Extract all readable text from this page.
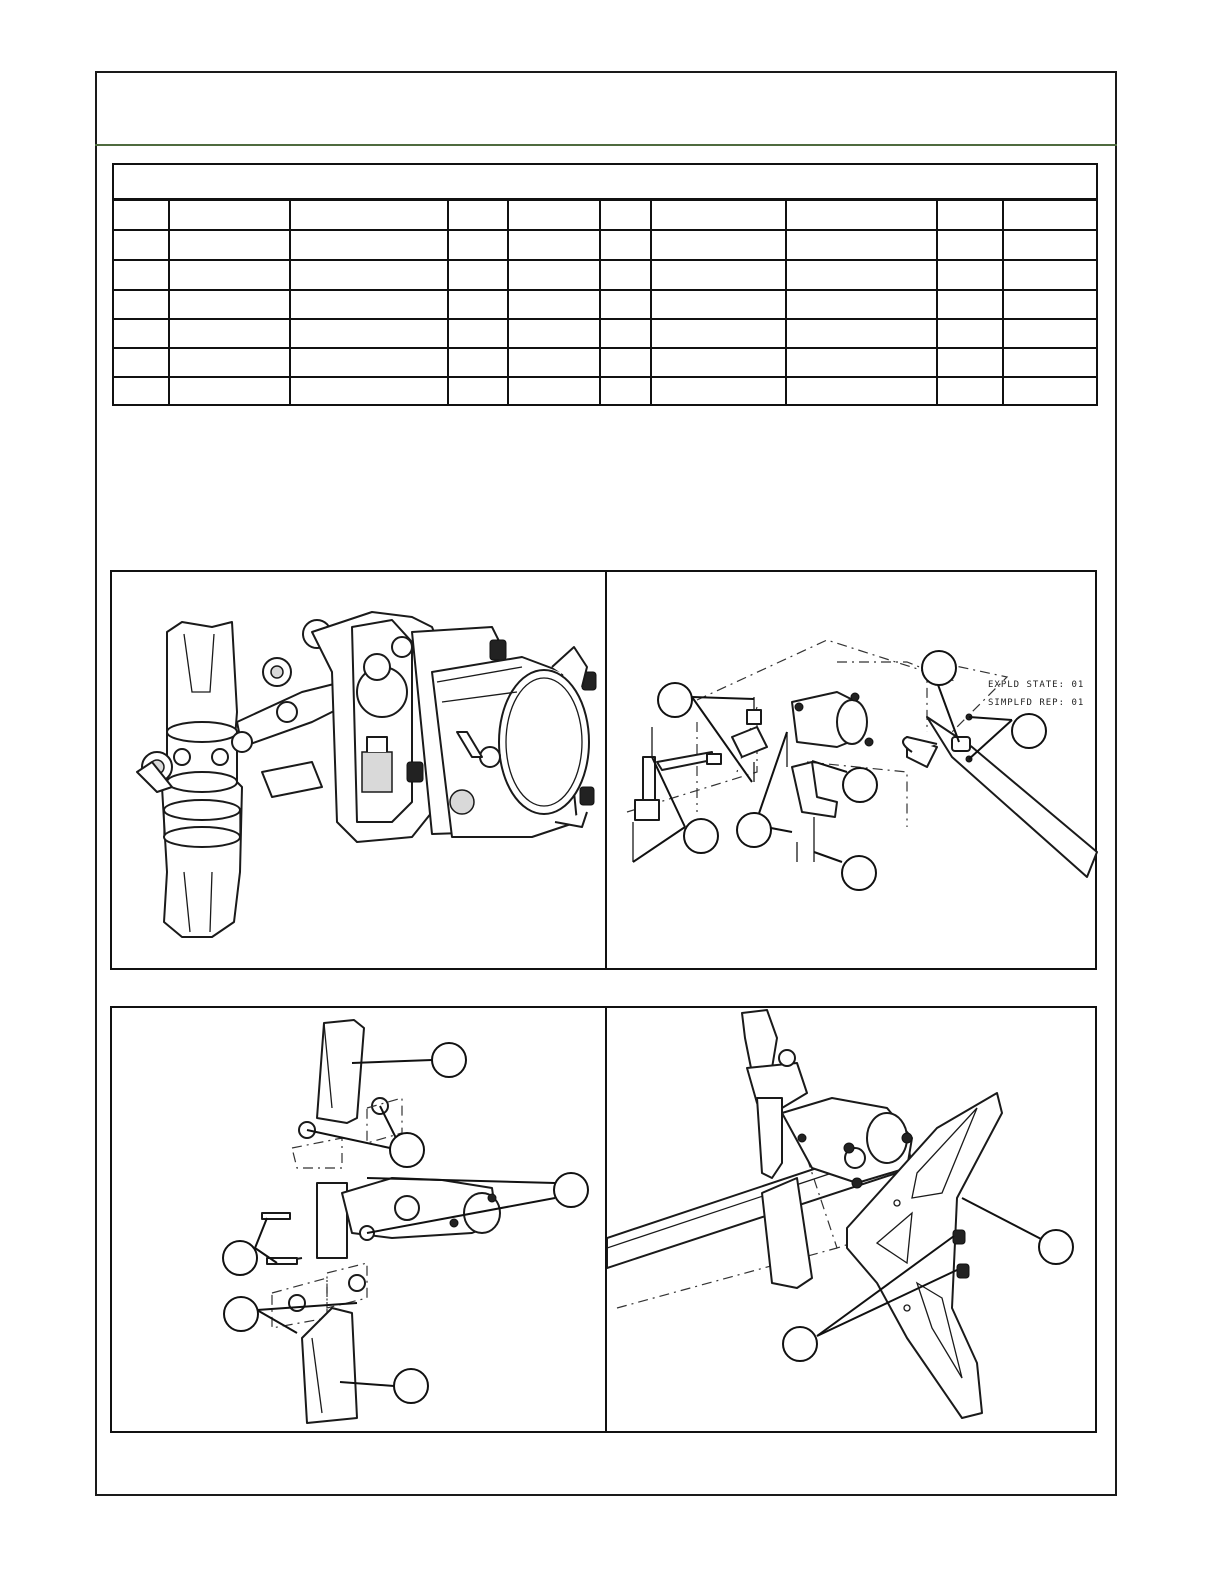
EXPLD STATE: 01
SIMPLFD REP: 01
